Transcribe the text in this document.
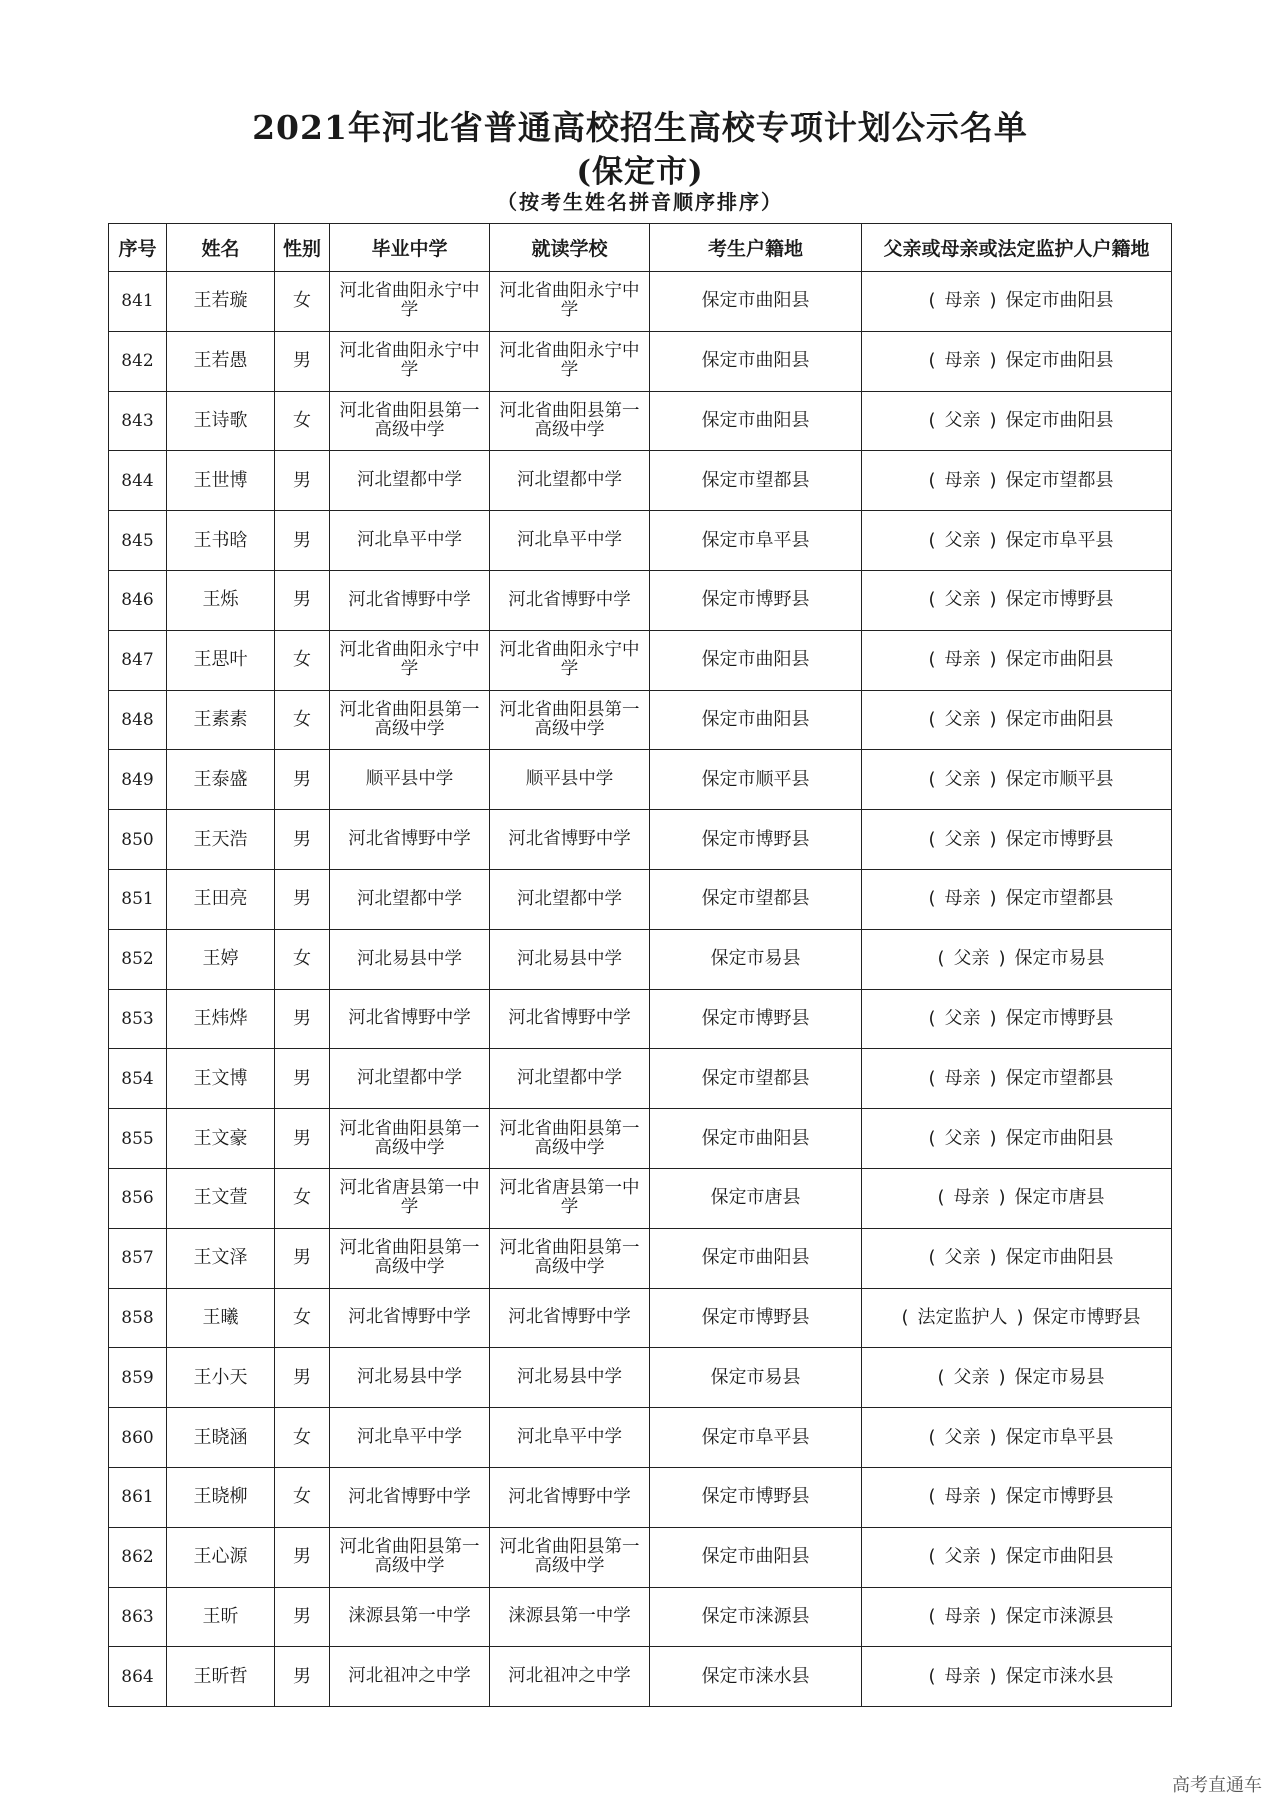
2021年河北省普通高校招生高校专项计划公示名单
(保定市)
（按考生姓名拼音顺序排序）
序号	姓名	性别	毕业中学	就读学校	考生户籍地	父亲或母亲或法定监护人户籍地
841	王若璇	女	河北省曲阳永宁中学	河北省曲阳永宁中学	保定市曲阳县	( 母亲 ) 保定市曲阳县
842	王若愚	男	河北省曲阳永宁中学	河北省曲阳永宁中学	保定市曲阳县	( 母亲 ) 保定市曲阳县
843	王诗歌	女	河北省曲阳县第一高级中学	河北省曲阳县第一高级中学	保定市曲阳县	( 父亲 ) 保定市曲阳县
844	王世博	男	河北望都中学	河北望都中学	保定市望都县	( 母亲 ) 保定市望都县
845	王书晗	男	河北阜平中学	河北阜平中学	保定市阜平县	( 父亲 ) 保定市阜平县
846	王烁	男	河北省博野中学	河北省博野中学	保定市博野县	( 父亲 ) 保定市博野县
847	王思叶	女	河北省曲阳永宁中学	河北省曲阳永宁中学	保定市曲阳县	( 母亲 ) 保定市曲阳县
848	王素素	女	河北省曲阳县第一高级中学	河北省曲阳县第一高级中学	保定市曲阳县	( 父亲 ) 保定市曲阳县
849	王泰盛	男	顺平县中学	顺平县中学	保定市顺平县	( 父亲 ) 保定市顺平县
850	王天浩	男	河北省博野中学	河北省博野中学	保定市博野县	( 父亲 ) 保定市博野县
851	王田亮	男	河北望都中学	河北望都中学	保定市望都县	( 母亲 ) 保定市望都县
852	王婷	女	河北易县中学	河北易县中学	保定市易县	( 父亲 ) 保定市易县
853	王炜烨	男	河北省博野中学	河北省博野中学	保定市博野县	( 父亲 ) 保定市博野县
854	王文博	男	河北望都中学	河北望都中学	保定市望都县	( 母亲 ) 保定市望都县
855	王文豪	男	河北省曲阳县第一高级中学	河北省曲阳县第一高级中学	保定市曲阳县	( 父亲 ) 保定市曲阳县
856	王文萱	女	河北省唐县第一中学	河北省唐县第一中学	保定市唐县	( 母亲 ) 保定市唐县
857	王文泽	男	河北省曲阳县第一高级中学	河北省曲阳县第一高级中学	保定市曲阳县	( 父亲 ) 保定市曲阳县
858	王曦	女	河北省博野中学	河北省博野中学	保定市博野县	( 法定监护人 ) 保定市博野县
859	王小天	男	河北易县中学	河北易县中学	保定市易县	( 父亲 ) 保定市易县
860	王晓涵	女	河北阜平中学	河北阜平中学	保定市阜平县	( 父亲 ) 保定市阜平县
861	王晓柳	女	河北省博野中学	河北省博野中学	保定市博野县	( 母亲 ) 保定市博野县
862	王心源	男	河北省曲阳县第一高级中学	河北省曲阳县第一高级中学	保定市曲阳县	( 父亲 ) 保定市曲阳县
863	王昕	男	涞源县第一中学	涞源县第一中学	保定市涞源县	( 母亲 ) 保定市涞源县
864	王昕哲	男	河北祖冲之中学	河北祖冲之中学	保定市涞水县	( 母亲 ) 保定市涞水县
高考直通车
